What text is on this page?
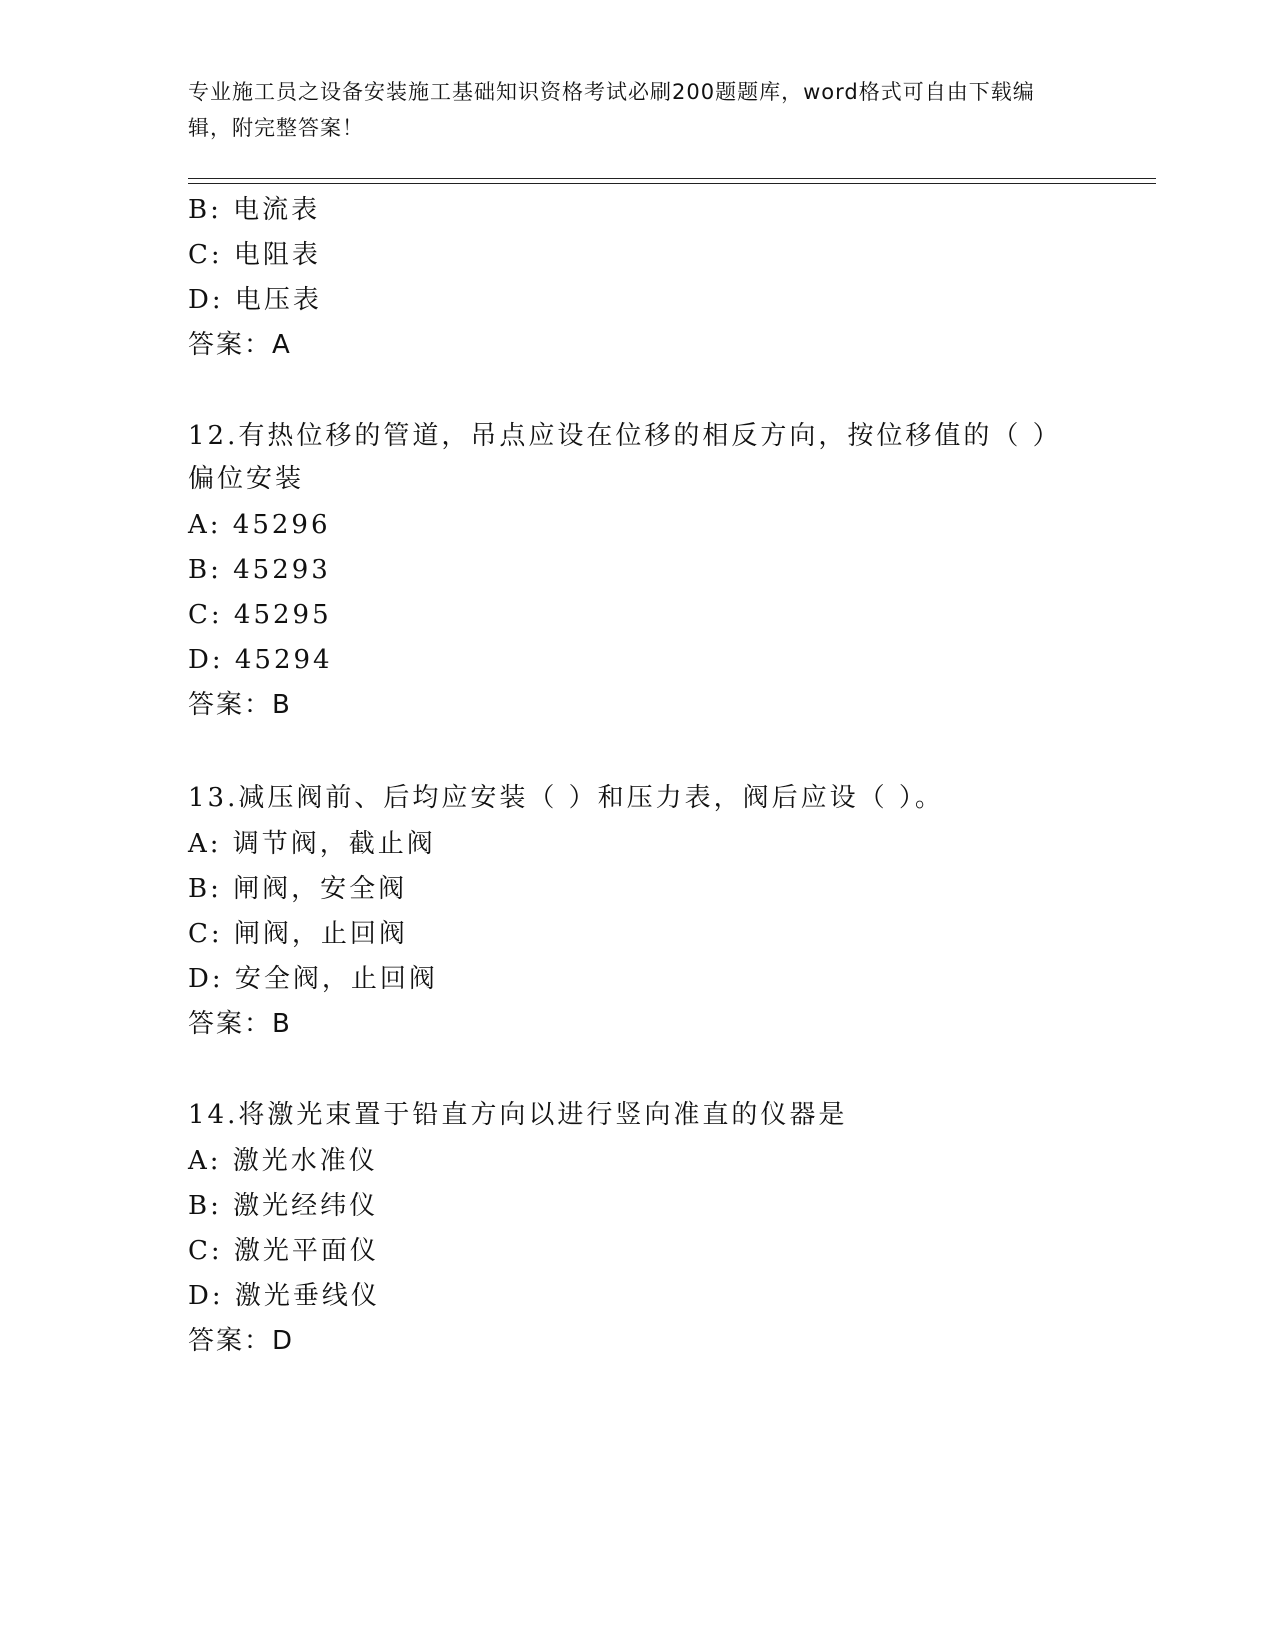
专业施工员之设备安装施工基础知识资格考试必刷200题题库，word格式可自由下载编辑，附完整答案！
B: 电流表
C: 电阻表
D: 电压表
答案：A
12.有热位移的管道，吊点应设在位移的相反方向，按位移值的（ ）
偏位安装
A: 45296
B: 45293
C: 45295
D: 45294
答案：B
13.减压阀前、后均应安装（ ）和压力表，阀后应设（ ）。
A: 调节阀，截止阀
B: 闸阀，安全阀
C: 闸阀，止回阀
D: 安全阀，止回阀
答案：B
14.将激光束置于铅直方向以进行竖向准直的仪器是
A: 激光水准仪
B: 激光经纬仪
C: 激光平面仪
D: 激光垂线仪
答案：D
